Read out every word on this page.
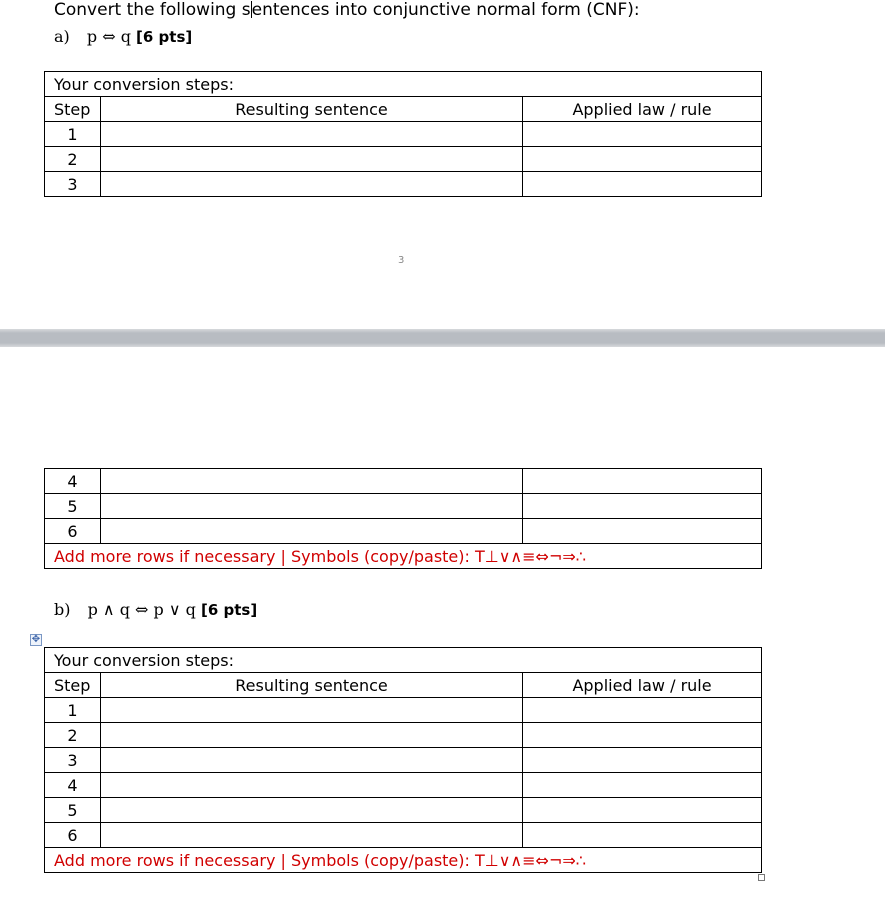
Convert the following sentences into conjunctive normal form (CNF):
a) p ⇔ q [6 pts]
Your conversion steps:		
Step	Resulting sentence	Applied law / rule
1		
2		
3		
3
4		
5		
6		
Add more rows if necessary | Symbols (copy/paste): T⊥∨∧≡⇔¬⇒∴		
b) p ∧ q ⇔ p ∨ q [6 pts]
✥
Your conversion steps:		
Step	Resulting sentence	Applied law / rule
1		
2		
3		
4		
5		
6		
Add more rows if necessary | Symbols (copy/paste): T⊥∨∧≡⇔¬⇒∴		
